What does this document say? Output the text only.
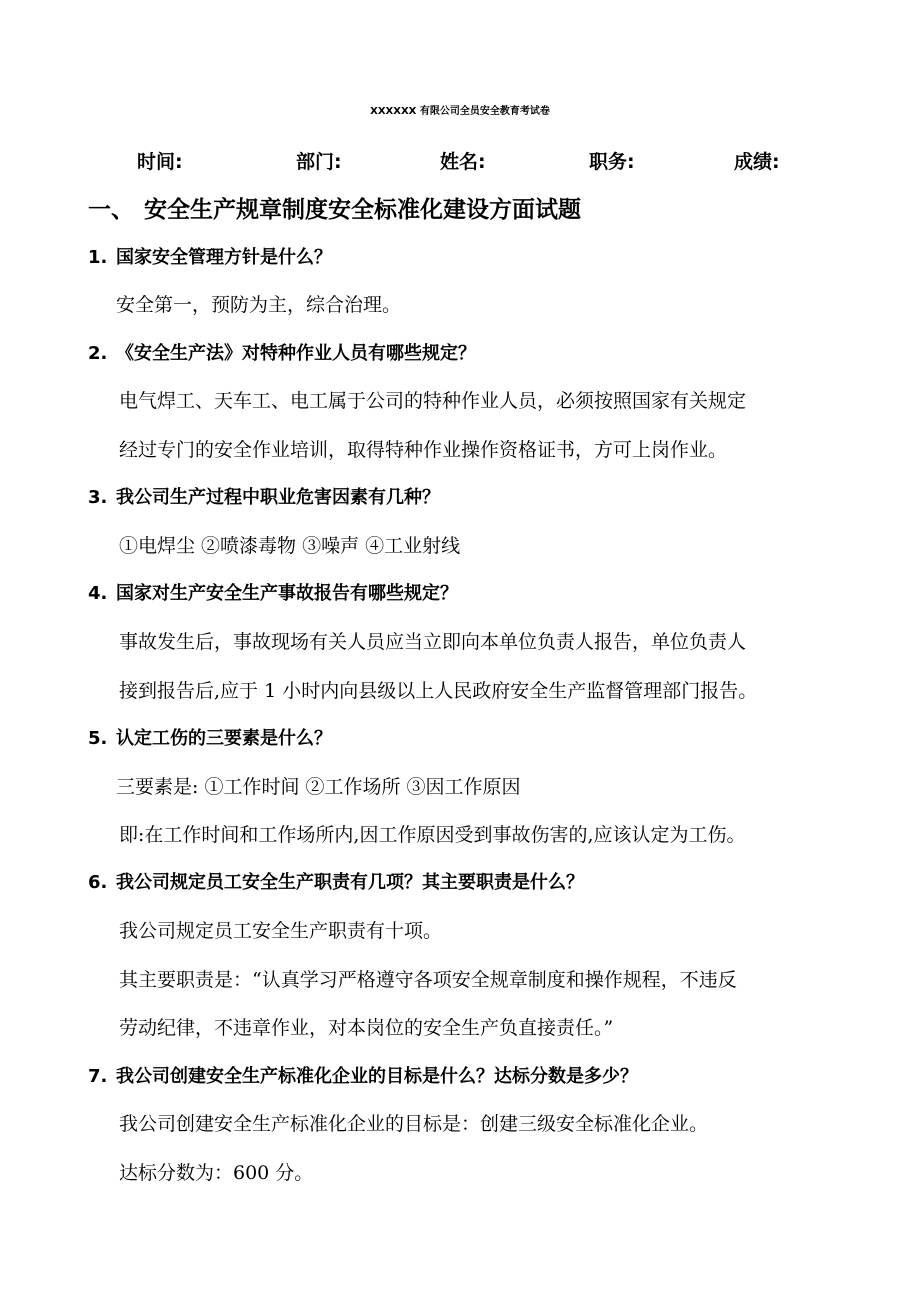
XXXXXX 有限公司全员安全教育考试卷
时间:	部门:	姓名:	职务:	成绩:
一、 安全生产规章制度安全标准化建设方面试题
1. 国家安全管理方针是什么？
安全第一，预防为主，综合治理。
2. 《安全生产法》对特种作业人员有哪些规定？
电气焊工、天车工、电工属于公司的特种作业人员，必须按照国家有关规定
经过专门的安全作业培训，取得特种作业操作资格证书，方可上岗作业。
3. 我公司生产过程中职业危害因素有几种？
①电焊尘 ②喷漆毒物 ③噪声 ④工业射线
4. 国家对生产安全生产事故报告有哪些规定？
事故发生后，事故现场有关人员应当立即向本单位负责人报告，单位负责人
接到报告后,应于 1 小时内向县级以上人民政府安全生产监督管理部门报告。
5. 认定工伤的三要素是什么？
三要素是: ①工作时间 ②工作场所 ③因工作原因
即:在工作时间和工作场所内,因工作原因受到事故伤害的,应该认定为工伤。
6. 我公司规定员工安全生产职责有几项？其主要职责是什么？
我公司规定员工安全生产职责有十项。
其主要职责是：“认真学习严格遵守各项安全规章制度和操作规程，不违反
劳动纪律，不违章作业，对本岗位的安全生产负直接责任。”
7. 我公司创建安全生产标准化企业的目标是什么？达标分数是多少？
我公司创建安全生产标准化企业的目标是：创建三级安全标准化企业。
达标分数为：600 分。
